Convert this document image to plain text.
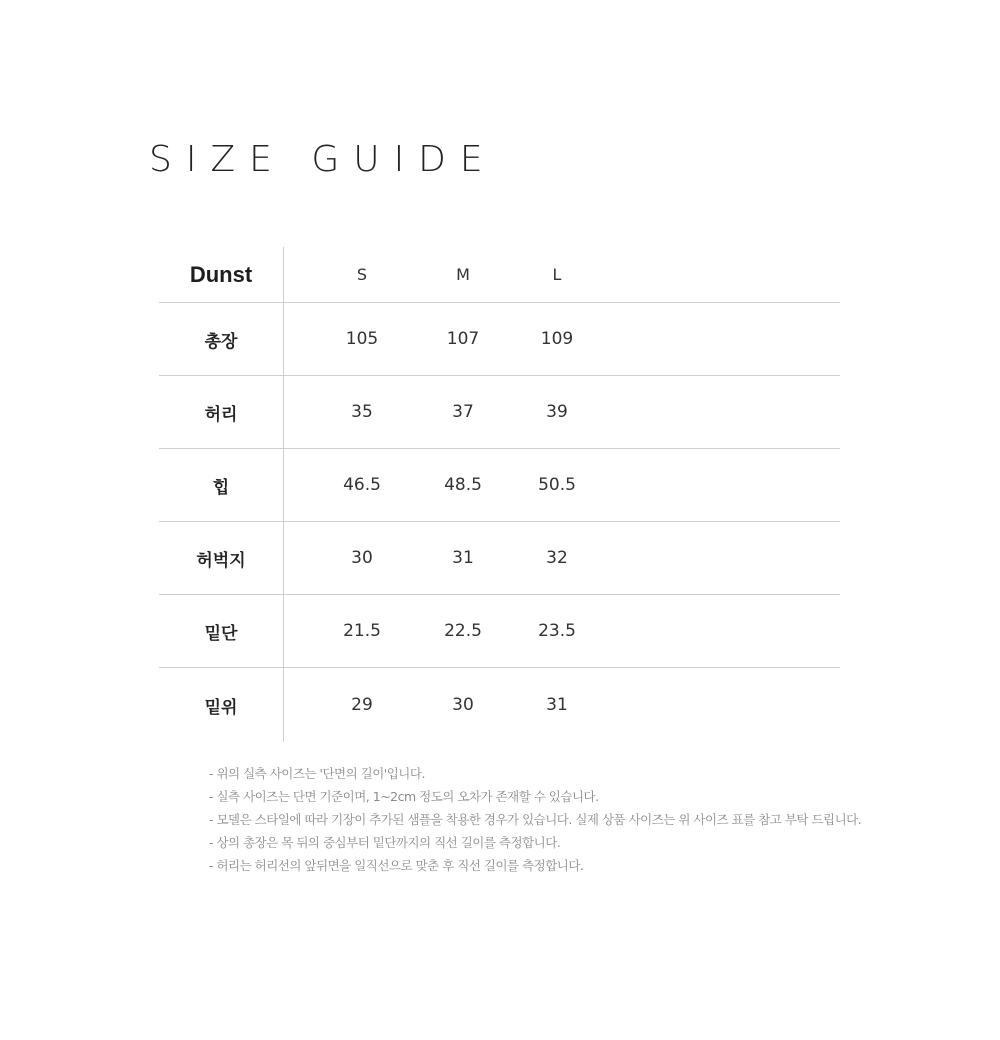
SIZE GUIDE
Dunst	S	M	L
총장	105	107	109
허리	35	37	39
힙	46.5	48.5	50.5
허벅지	30	31	32
밑단	21.5	22.5	23.5
밑위	29	30	31
- 위의 실측 사이즈는 '단면의 길이'입니다.
- 실측 사이즈는 단면 기준이며, 1~2cm 정도의 오차가 존재할 수 있습니다.
- 모델은 스타일에 따라 기장이 추가된 샘플을 착용한 경우가 있습니다. 실제 상품 사이즈는 위 사이즈 표를 참고 부탁 드립니다.
- 상의 총장은 목 뒤의 중심부터 밑단까지의 직선 길이를 측정합니다.
- 허리는 허리선의 앞뒤면을 일직선으로 맞춘 후 직선 길이를 측정합니다.
